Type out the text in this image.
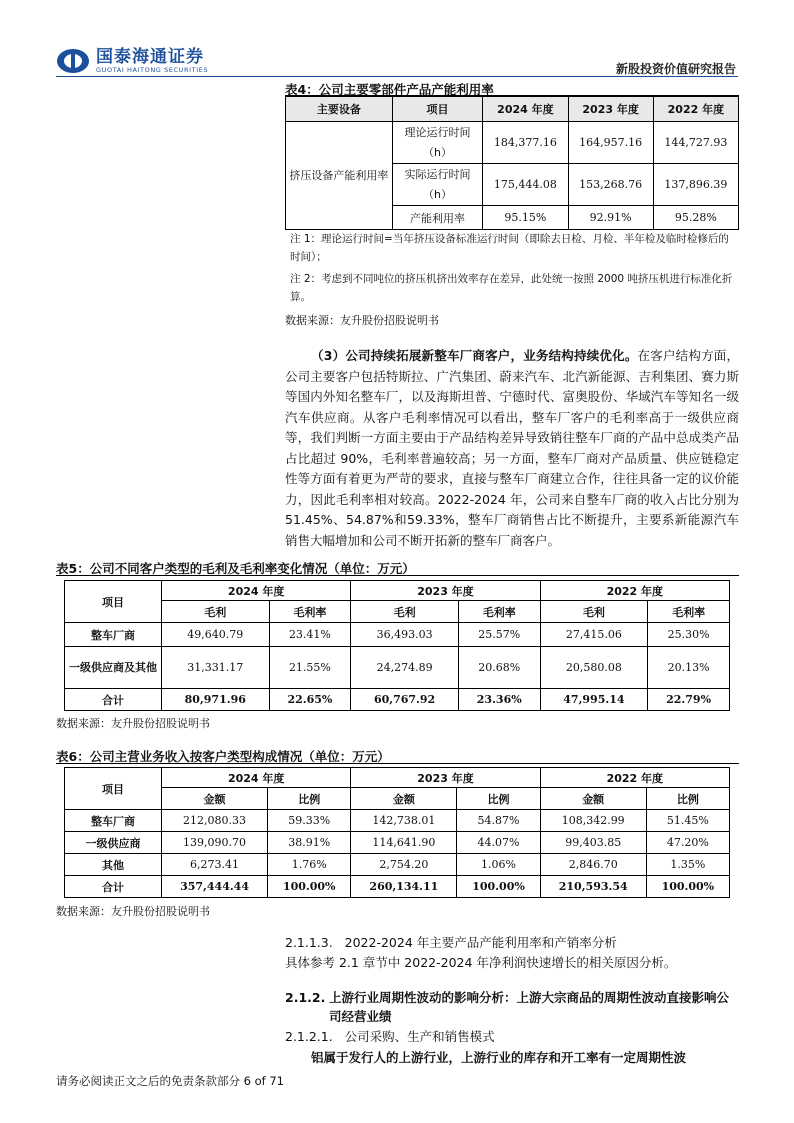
国泰海通证券
GUOTAI HAITONG SECURITIES	新股投资价值研究报告
表4：公司主要零部件产品产能利用率
主要设备	项目	2024 年度	2023 年度	2022 年度
挤压设备产能利用率	理论运行时间（h）	184,377.16	164,957.16	144,727.93
	实际运行时间（h）	175,444.08	153,268.76	137,896.39
	产能利用率	95.15%	92.91%	95.28%
注 1：理论运行时间=当年挤压设备标准运行时间（即除去日检、月检、半年检及临时检修后的时间）；
注 2：考虑到不同吨位的挤压机挤出效率存在差异，此处统一按照 2000 吨挤压机进行标准化折算。
数据来源：友升股份招股说明书
（3）公司持续拓展新整车厂商客户，业务结构持续优化。在客户结构方面，公司主要客户包括特斯拉、广汽集团、蔚来汽车、北汽新能源、吉利集团、赛力斯等国内外知名整车厂，以及海斯坦普、宁德时代、富奥股份、华域汽车等知名一级汽车供应商。从客户毛利率情况可以看出，整车厂客户的毛利率高于一级供应商等，我们判断一方面主要由于产品结构差异导致销往整车厂商的产品中总成类产品占比超过 90%，毛利率普遍较高；另一方面，整车厂商对产品质量、供应链稳定性等方面有着更为严苛的要求，直接与整车厂商建立合作，往往具备一定的议价能力，因此毛利率相对较高。2022-2024 年，公司来自整车厂商的收入占比分别为 51.45%、54.87%和59.33%，整车厂商销售占比不断提升，主要系新能源汽车销售大幅增加和公司不断开拓新的整车厂商客户。
表5：公司不同客户类型的毛利及毛利率变化情况（单位：万元）
项目	2024 年度		2023 年度		2022 年度	
	毛利	毛利率	毛利	毛利率	毛利	毛利率
整车厂商	49,640.79	23.41%	36,493.03	25.57%	27,415.06	25.30%
一级供应商及其他	31,331.17	21.55%	24,274.89	20.68%	20,580.08	20.13%
合计	80,971.96	22.65%	60,767.92	23.36%	47,995.14	22.79%
数据来源：友升股份招股说明书
表6：公司主营业务收入按客户类型构成情况（单位：万元）
项目	2024 年度		2023 年度		2022 年度	
	金额	比例	金额	比例	金额	比例
整车厂商	212,080.33	59.33%	142,738.01	54.87%	108,342.99	51.45%
一级供应商	139,090.70	38.91%	114,641.90	44.07%	99,403.85	47.20%
其他	6,273.41	1.76%	2,754.20	1.06%	2,846.70	1.35%
合计	357,444.44	100.00%	260,134.11	100.00%	210,593.54	100.00%
数据来源：友升股份招股说明书
2.1.1.3. 2022-2024 年主要产品产能利用率和产销率分析
具体参考 2.1 章节中 2022-2024 年净利润快速增长的相关原因分析。
2.1.2. 上游行业周期性波动的影响分析：上游大宗商品的周期性波动直接影响公司经营业绩
2.1.2.1. 公司采购、生产和销售模式
铝属于发行人的上游行业，上游行业的库存和开工率有一定周期性波
请务必阅读正文之后的免责条款部分 6 of 71
